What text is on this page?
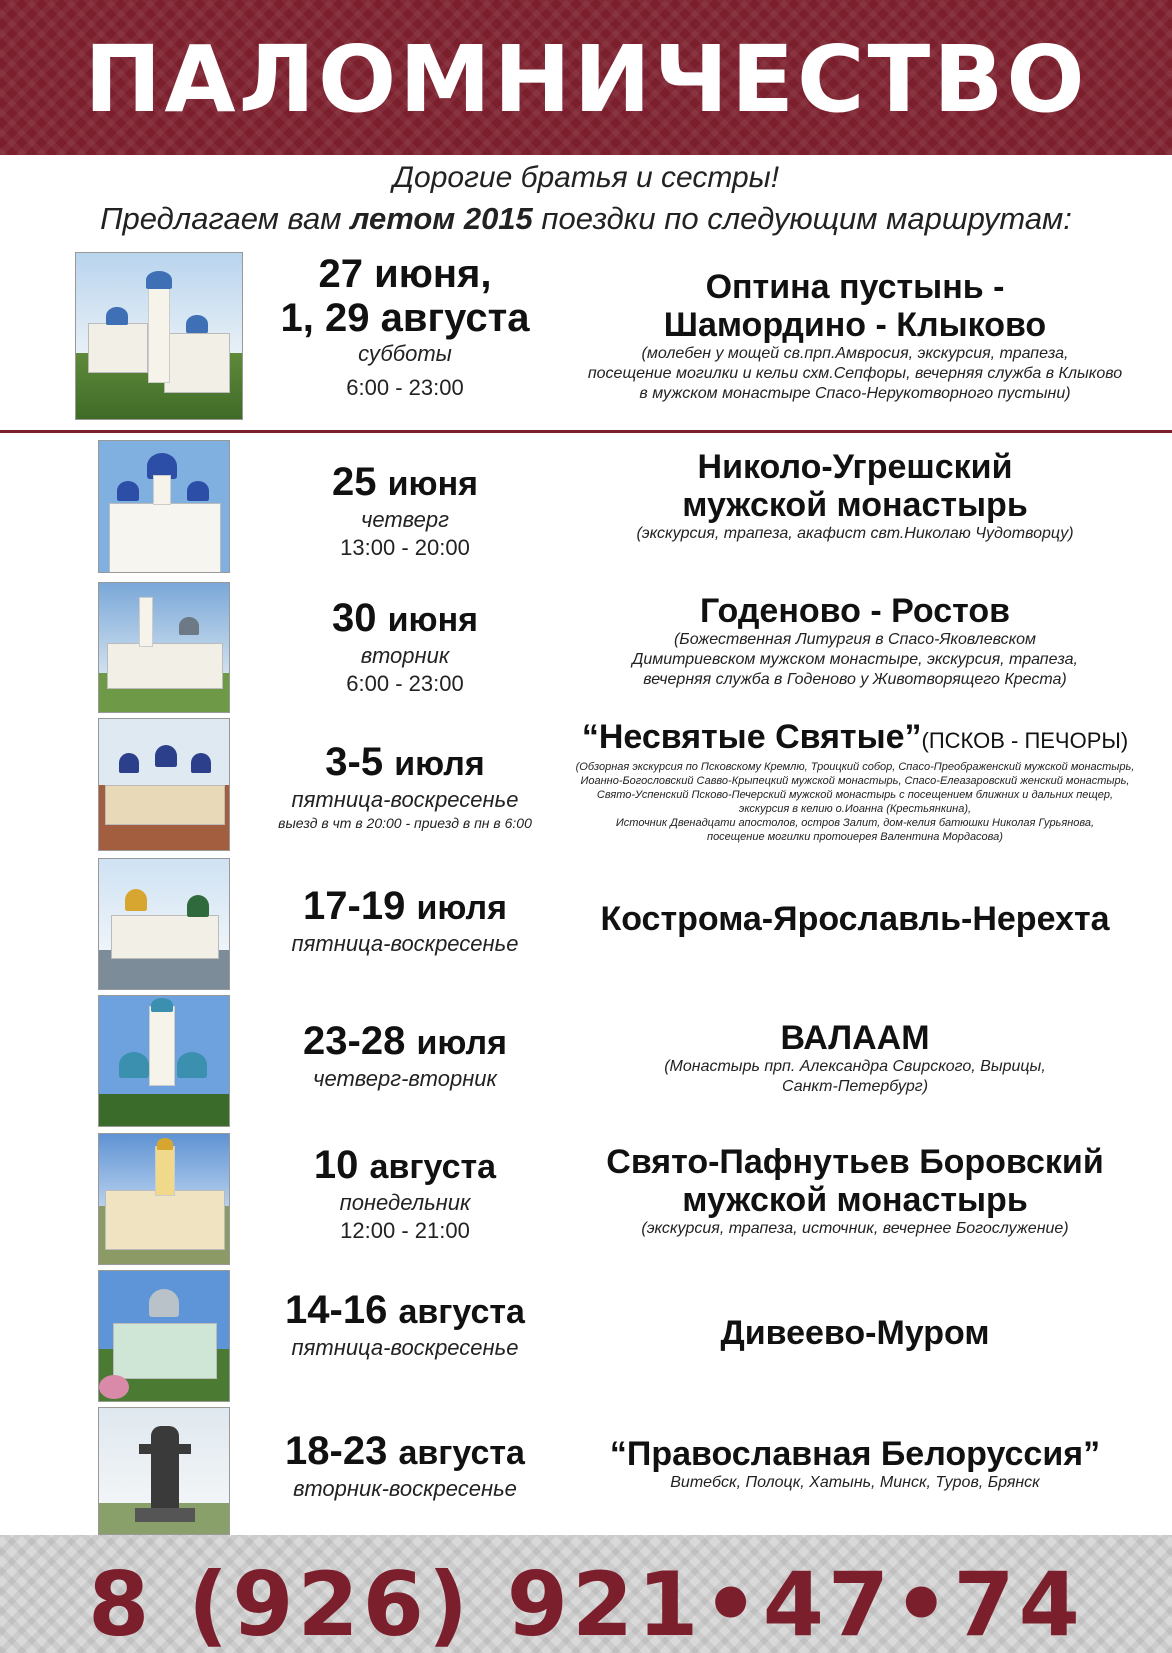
ПАЛОМНИЧЕСТВО
Дорогие братья и сестры!
Предлагаем вам летом 2015 поездки по следующим маршрутам:
27 июня,
1, 29 августа
субботы
6:00 - 23:00
Оптина пустынь -
Шамордино - Клыково
(молебен у мощей св.прп.Амвросия, экскурсия, трапеза,
посещение могилки и кельи схм.Сепфоры, вечерняя служба в Клыково
в мужском монастыре Спасо-Нерукотворного пустыни)
25 июня
четверг
13:00 - 20:00
Николо-Угрешский
мужской монастырь
(экскурсия, трапеза, акафист свт.Николаю Чудотворцу)
30 июня
вторник
6:00 - 23:00
Годеново - Ростов
(Божественная Литургия в Спасо-Яковлевском
Димитриевском мужском монастыре, экскурсия, трапеза,
вечерняя служба в Годеново у Животворящего Креста)
3-5 июля
пятница-воскресенье
выезд в чт в 20:00 - приезд в пн в 6:00
“Несвятые Святые”(ПСКОВ - ПЕЧОРЫ)
(Обзорная экскурсия по Псковскому Кремлю, Троицкий собор, Спасо-Преображенский мужской монастырь,
Иоанно-Богословский Савво-Крыпецкий мужской монастырь, Спасо-Елеазаровский женский монастырь,
Свято-Успенский Псково-Печерский мужской монастырь с посещением ближних и дальних пещер,
экскурсия в келию о.Иоанна (Крестьянкина),
Источник Двенадцати апостолов, остров Залит, дом-келия батюшки Николая Гурьянова,
посещение могилки протоиерея Валентина Мордасова)
17-19 июля
пятница-воскресенье
Кострома-Ярославль-Нерехта
23-28 июля
четверг-вторник
ВАЛААМ
(Монастырь прп. Александра Свирского, Вырицы,
Санкт-Петербург)
10 августа
понедельник
12:00 - 21:00
Свято-Пафнутьев Боровский
мужской монастырь
(экскурсия, трапеза, источник, вечернее Богослужение)
14-16 августа
пятница-воскресенье	Дивеево-Муром
18-23 августа
вторник-воскресенье
“Православная Белоруссия”
Витебск, Полоцк, Хатынь, Минск, Туров, Брянск
8 (926) 921•47•74
